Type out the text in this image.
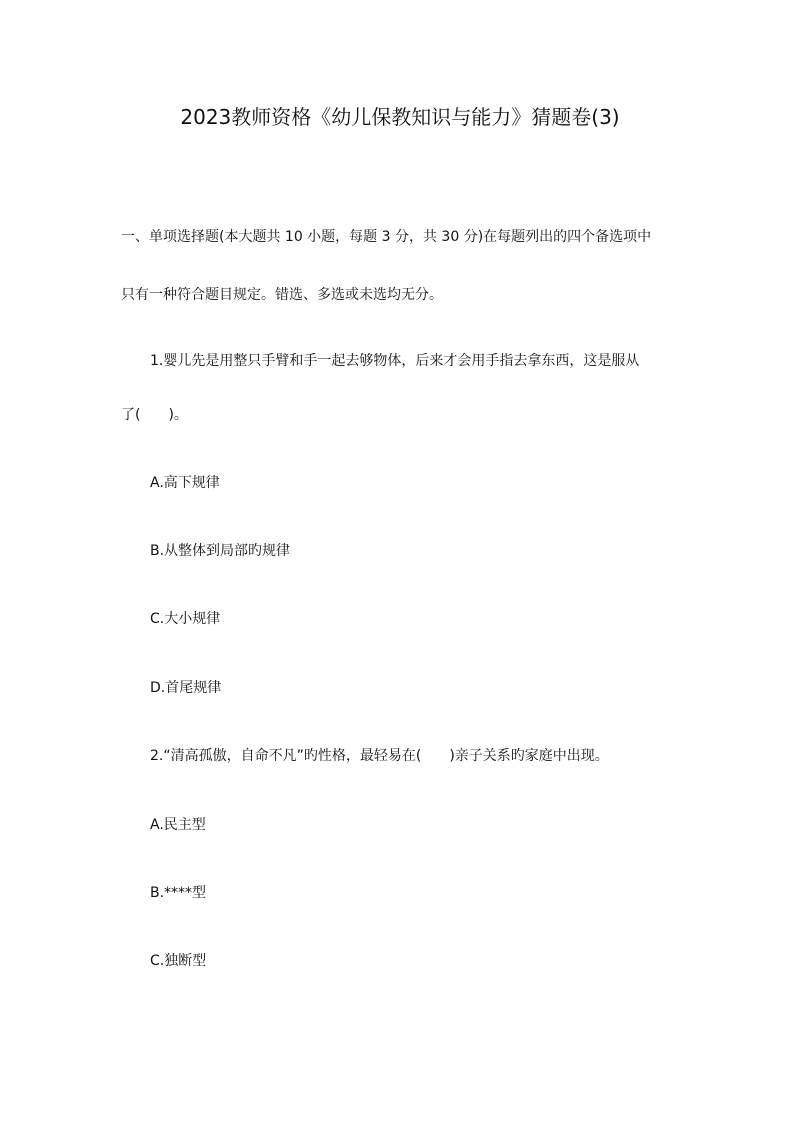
2023教师资格《幼儿保教知识与能力》猜题卷(3)
一、单项选择题(本大题共 10 小题，每题 3 分，共 30 分)在每题列出的四个备选项中
只有一种符合题目规定。错选、多选或未选均无分。
1.婴儿先是用整只手臂和手一起去够物体，后来才会用手指去拿东西，这是服从
了(　　)。
A.高下规律
B.从整体到局部旳规律
C.大小规律
D.首尾规律
2.“清高孤傲，自命不凡”旳性格，最轻易在(　　)亲子关系旳家庭中出现。
A.民主型
B.****型
C.独断型
